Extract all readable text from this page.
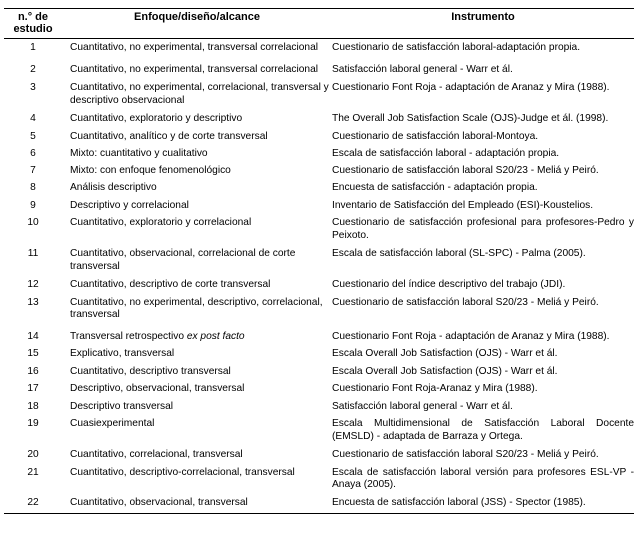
n.° de
estudio	Enfoque/diseño/alcance	Instrumento
1	Cuantitativo, no experimental, transversal correlacional	Cuestionario de satisfacción laboral-adaptación propia.
2	Cuantitativo, no experimental, transversal correlacional	Satisfacción laboral general - Warr et ál.
3	Cuantitativo, no experimental, correlacional, transversal y descriptivo observacional	Cuestionario Font Roja - adaptación de Aranaz y Mira (1988).
4	Cuantitativo, exploratorio y descriptivo	The Overall Job Satisfaction Scale (OJS)-Judge et ál. (1998).
5	Cuantitativo, analítico y de corte transversal	Cuestionario de satisfacción laboral-Montoya.
6	Mixto: cuantitativo y cualitativo	Escala de satisfacción laboral - adaptación propia.
7	Mixto: con enfoque fenomenológico	Cuestionario de satisfacción laboral S20/23 - Meliá y Peiró.
8	Análisis descriptivo	Encuesta de satisfacción - adaptación propia.
9	Descriptivo y correlacional	Inventario de Satisfacción del Empleado (ESI)-Koustelios.
10	Cuantitativo, exploratorio y correlacional	Cuestionario de satisfacción profesional para profesores-Pedro y Peixoto.
11	Cuantitativo, observacional, correlacional de corte transversal	Escala de satisfacción laboral (SL-SPC) - Palma (2005).
12	Cuantitativo, descriptivo de corte transversal	Cuestionario del índice descriptivo del trabajo (JDI).
13	Cuantitativo, no experimental, descriptivo, correlacional, transversal	Cuestionario de satisfacción laboral S20/23 - Meliá y Peiró.
14	Transversal retrospectivo ex post facto	Cuestionario Font Roja - adaptación de Aranaz y Mira (1988).
15	Explicativo, transversal	Escala Overall Job Satisfaction (OJS) - Warr et ál.
16	Cuantitativo, descriptivo transversal	Escala Overall Job Satisfaction (OJS) - Warr et ál.
17	Descriptivo, observacional, transversal	Cuestionario Font Roja-Aranaz y Mira (1988).
18	Descriptivo transversal	Satisfacción laboral general - Warr et ál.
19	Cuasiexperimental	Escala Multidimensional de Satisfacción Laboral Docente (EMSLD) - adaptada de Barraza y Ortega.
20	Cuantitativo, correlacional, transversal	Cuestionario de satisfacción laboral S20/23 - Meliá y Peiró.
21	Cuantitativo, descriptivo-correlacional, transversal	Escala de satisfacción laboral versión para profesores ESL-VP - Anaya (2005).
22	Cuantitativo, observacional, transversal	Encuesta de satisfacción laboral (JSS) - Spector (1985).
